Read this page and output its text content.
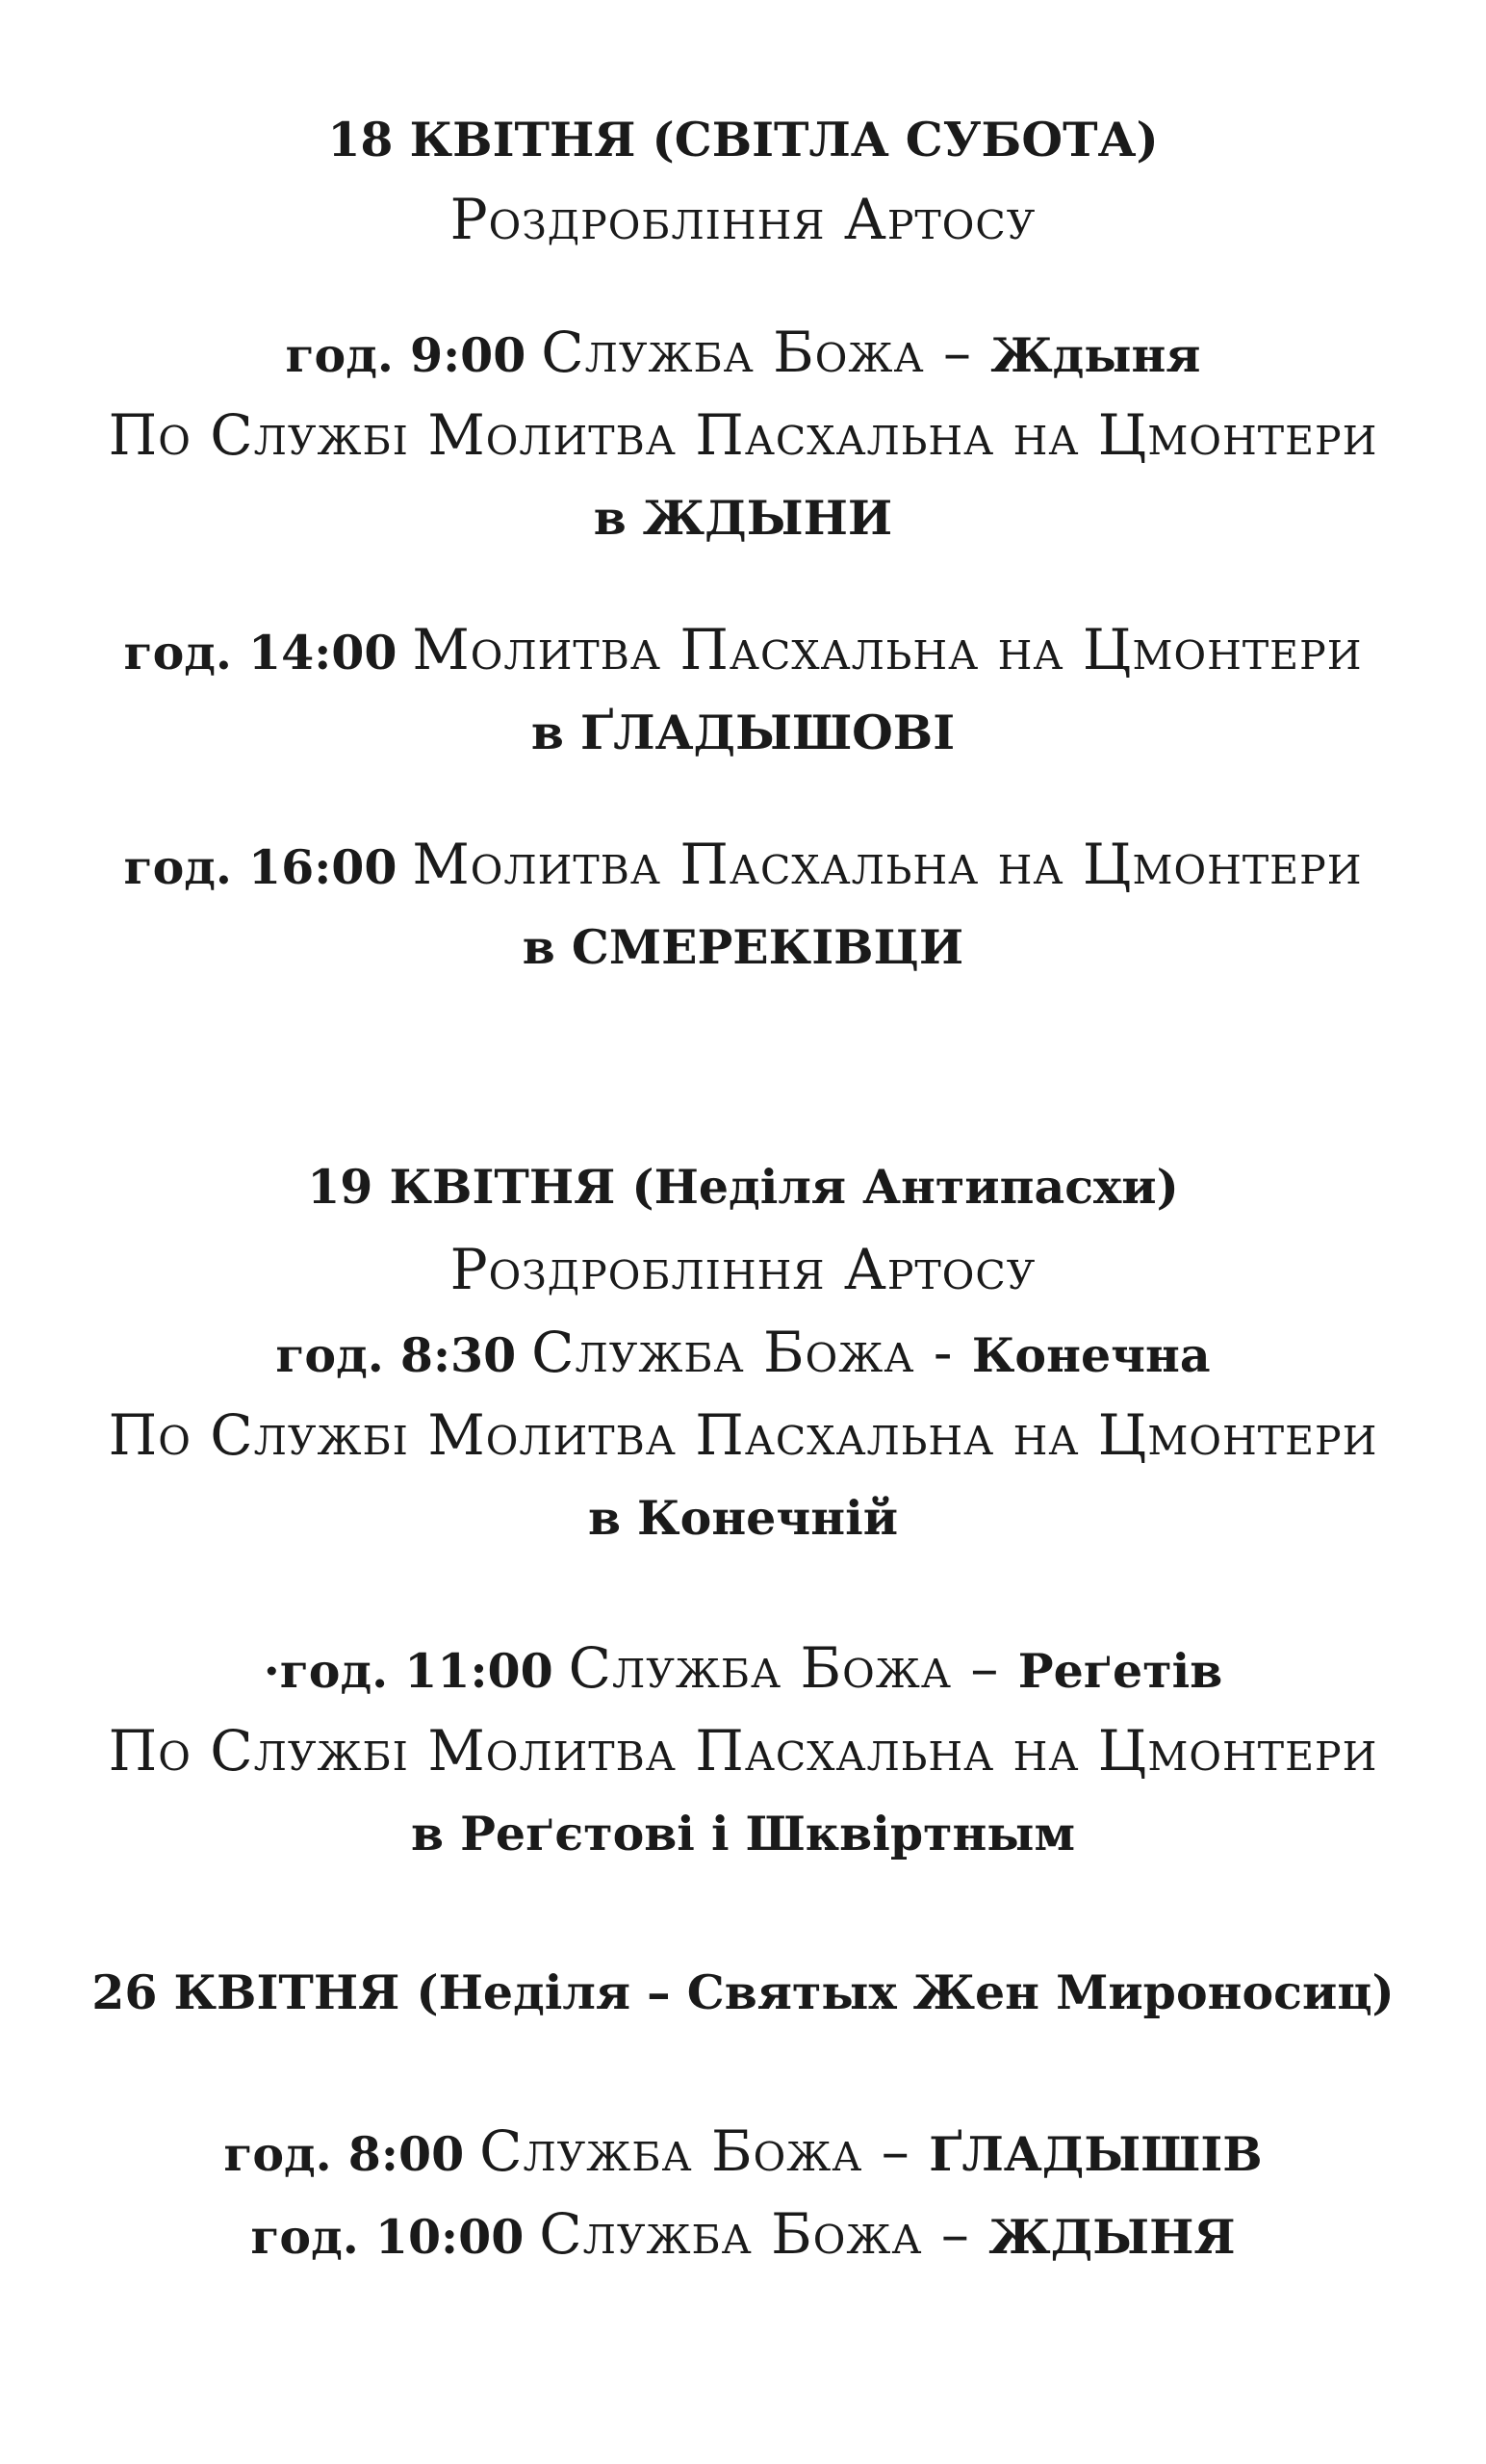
18 КВІТНЯ (СВІТЛА СУБОТА)
Роздробління Артосу
год. 9:00 Служба Божа – Ждыня
По Службі Молитва Пасхальна на Цмонтери
в ЖДЫНИ
год. 14:00 Молитва Пасхальна на Цмонтери
в ҐЛАДЫШОВІ
год. 16:00 Молитва Пасхальна на Цмонтери
в СМЕРЕКІВЦИ
19 КВІТНЯ (Неділя Антипасхи)
Роздробління Артосу
год. 8:30 Служба Божа - Конечна
По Службі Молитва Пасхальна на Цмонтери
в Конечній
·год. 11:00 Служба Божа – Реґетів
По Службі Молитва Пасхальна на Цмонтери
в Реґєтові і Шквіртным
26 КВІТНЯ (Неділя – Святых Жен Мироносиц)
год. 8:00 Служба Божа – ҐЛАДЫШІВ
год. 10:00 Служба Божа – ЖДЫНЯ
